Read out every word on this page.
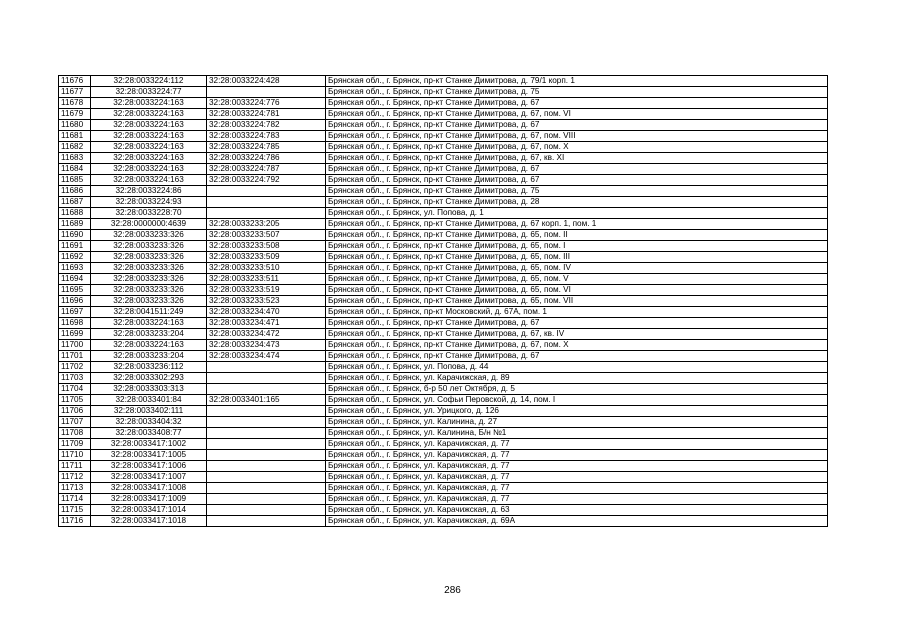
11676	32:28:0033224:112	32:28:0033224:428	Брянская обл., г. Брянск, пр-кт Станке Димитрова, д. 79/1 корп. 1
11677	32:28:0033224:77		Брянская обл., г. Брянск, пр-кт Станке Димитрова, д. 75
11678	32:28:0033224:163	32:28:0033224:776	Брянская обл., г. Брянск, пр-кт Станке Димитрова, д. 67
11679	32:28:0033224:163	32:28:0033224:781	Брянская обл., г. Брянск, пр-кт Станке Димитрова, д. 67, пом. VI
11680	32:28:0033224:163	32:28:0033224:782	Брянская обл., г. Брянск, пр-кт Станке Димитрова, д. 67
11681	32:28:0033224:163	32:28:0033224:783	Брянская обл., г. Брянск, пр-кт Станке Димитрова, д. 67, пом. VIII
11682	32:28:0033224:163	32:28:0033224:785	Брянская обл., г. Брянск, пр-кт Станке Димитрова, д. 67, пом. X
11683	32:28:0033224:163	32:28:0033224:786	Брянская обл., г. Брянск, пр-кт Станке Димитрова, д. 67, кв. XI
11684	32:28:0033224:163	32:28:0033224:787	Брянская обл., г. Брянск, пр-кт Станке Димитрова, д. 67
11685	32:28:0033224:163	32:28:0033224:792	Брянская обл., г. Брянск, пр-кт Станке Димитрова, д. 67
11686	32:28:0033224:86		Брянская обл., г. Брянск, пр-кт Станке Димитрова, д. 75
11687	32:28:0033224:93		Брянская обл., г. Брянск, пр-кт Станке Димитрова, д. 28
11688	32:28:0033228:70		Брянская обл., г. Брянск, ул. Попова, д. 1
11689	32:28:0000000:4639	32:28:0033233:205	Брянская обл., г. Брянск, пр-кт Станке Димитрова, д. 67 корп. 1, пом. 1
11690	32:28:0033233:326	32:28:0033233:507	Брянская обл., г. Брянск, пр-кт Станке Димитрова, д. 65, пом. II
11691	32:28:0033233:326	32:28:0033233:508	Брянская обл., г. Брянск, пр-кт Станке Димитрова, д. 65, пом. I
11692	32:28:0033233:326	32:28:0033233:509	Брянская обл., г. Брянск, пр-кт Станке Димитрова, д. 65, пом. III
11693	32:28:0033233:326	32:28:0033233:510	Брянская обл., г. Брянск, пр-кт Станке Димитрова, д. 65, пом. IV
11694	32:28:0033233:326	32:28:0033233:511	Брянская обл., г. Брянск, пр-кт Станке Димитрова, д. 65, пом. V
11695	32:28:0033233:326	32:28:0033233:519	Брянская обл., г. Брянск, пр-кт Станке Димитрова, д. 65, пом. VI
11696	32:28:0033233:326	32:28:0033233:523	Брянская обл., г. Брянск, пр-кт Станке Димитрова, д. 65, пом. VII
11697	32:28:0041511:249	32:28:0033234:470	Брянская обл., г. Брянск, пр-кт Московский, д. 67А, пом. 1
11698	32:28:0033224:163	32:28:0033234:471	Брянская обл., г. Брянск, пр-кт Станке Димитрова, д. 67
11699	32:28:0033233:204	32:28:0033234:472	Брянская обл., г. Брянск, пр-кт Станке Димитрова, д. 67, кв. IV
11700	32:28:0033224:163	32:28:0033234:473	Брянская обл., г. Брянск, пр-кт Станке Димитрова, д. 67, пом. X
11701	32:28:0033233:204	32:28:0033234:474	Брянская обл., г. Брянск, пр-кт Станке Димитрова, д. 67
11702	32:28:0033236:112		Брянская обл., г. Брянск, ул. Попова, д. 44
11703	32:28:0033302:293		Брянская обл., г. Брянск, ул. Карачижская, д. 89
11704	32:28:0033303:313		Брянская обл., г. Брянск, б-р 50 лет Октября, д. 5
11705	32:28:0033401:84	32:28:0033401:165	Брянская обл., г. Брянск, ул. Софьи Перовской, д. 14, пом. I
11706	32:28:0033402:111		Брянская обл., г. Брянск, ул. Урицкого, д. 126
11707	32:28:0033404:32		Брянская обл., г. Брянск, ул. Калинина, д. 27
11708	32:28:0033408:77		Брянская обл., г. Брянск, ул. Калинина, Б/н №1
11709	32:28:0033417:1002		Брянская обл., г. Брянск, ул. Карачижская, д. 77
11710	32:28:0033417:1005		Брянская обл., г. Брянск, ул. Карачижская, д. 77
11711	32:28:0033417:1006		Брянская обл., г. Брянск, ул. Карачижская, д. 77
11712	32:28:0033417:1007		Брянская обл., г. Брянск, ул. Карачижская, д. 77
11713	32:28:0033417:1008		Брянская обл., г. Брянск, ул. Карачижская, д. 77
11714	32:28:0033417:1009		Брянская обл., г. Брянск, ул. Карачижская, д. 77
11715	32:28:0033417:1014		Брянская обл., г. Брянск, ул. Карачижская, д. 63
11716	32:28:0033417:1018		Брянская обл., г. Брянск, ул. Карачижская, д. 69А
286
